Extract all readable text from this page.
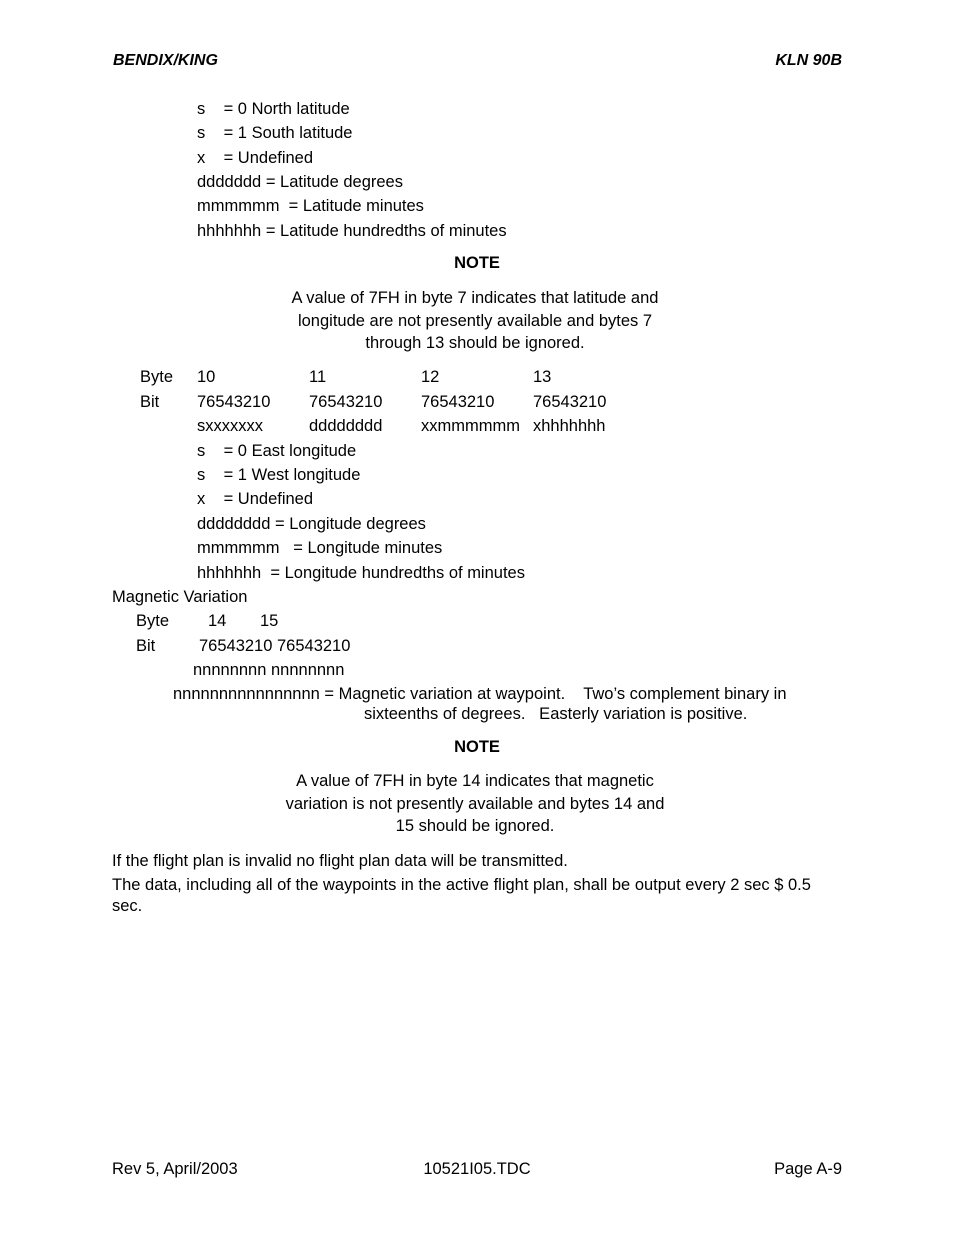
BENDIX/KING	KLN 90B
s    = 0 North latitude
s    = 1 South latitude
x    = Undefined
ddddddd = Latitude degrees
mmmmmm  = Latitude minutes
hhhhhhh = Latitude hundredths of minutes
NOTE
A value of 7FH in byte 7 indicates that latitude and
longitude are not presently available and bytes 7
through 13 should be ignored.
Byte 10	11	12	13
Bit 76543210 76543210 76543210 76543210
sxxxxxxx	dddddddd xxmmmmmm xhhhhhhh
s    = 0 East longitude
s    = 1 West longitude
x    = Undefined
dddddddd = Longitude degrees
mmmmmm   = Longitude minutes
hhhhhhh  = Longitude hundredths of minutes
Magnetic Variation
Byte 14 15
Bit	76543210 76543210
nnnnnnnn nnnnnnnn
nnnnnnnnnnnnnnnn = Magnetic variation at waypoint.    Two’s complement binary in
sixteenths of degrees.   Easterly variation is positive.
NOTE
A value of 7FH in byte 14 indicates that magnetic
variation is not presently available and bytes 14 and
15 should be ignored.
If the flight plan is invalid no flight plan data will be transmitted.
The data, including all of the waypoints in the active flight plan, shall be output every 2 sec $ 0.5
sec.
Rev 5, April/2003	10521I05.TDC	Page A-9
